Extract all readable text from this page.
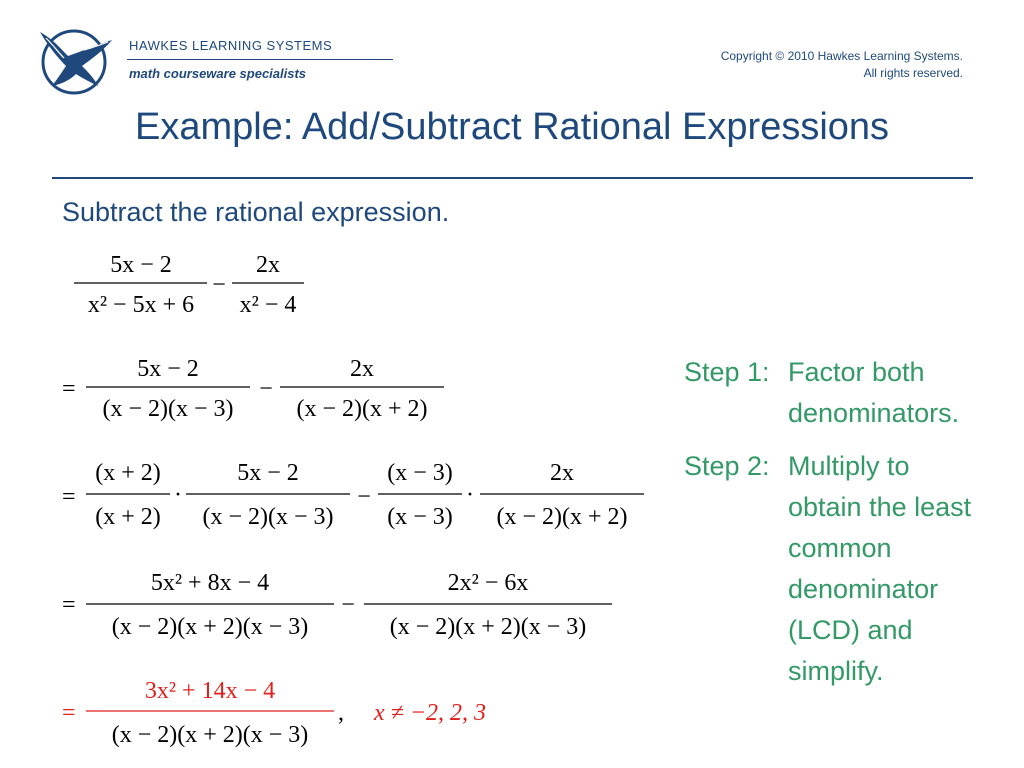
HAWKES LEARNING SYSTEMS
math courseware specialists
Copyright © 2010 Hawkes Learning Systems.
All rights reserved.
Example: Add/Subtract Rational Expressions
Subtract the rational expression.
5x − 2
x² − 5x + 6
−
2x
x² − 4
=
5x − 2
(x − 2)(x − 3)
−
2x
(x − 2)(x + 2)
=
(x + 2)
(x + 2)
·
5x − 2
(x − 2)(x − 3)
−
(x − 3)
(x − 3)
·
2x
(x − 2)(x + 2)
=
5x² + 8x − 4
(x − 2)(x + 2)(x − 3)
−
2x² − 6x
(x − 2)(x + 2)(x − 3)
=
3x² + 14x − 4
(x − 2)(x + 2)(x − 3)
, x ≠ −2, 2, 3
Step 1: Factor both
denominators.
Step 2: Multiply to
obtain the least
common
denominator
(LCD) and
simplify.
